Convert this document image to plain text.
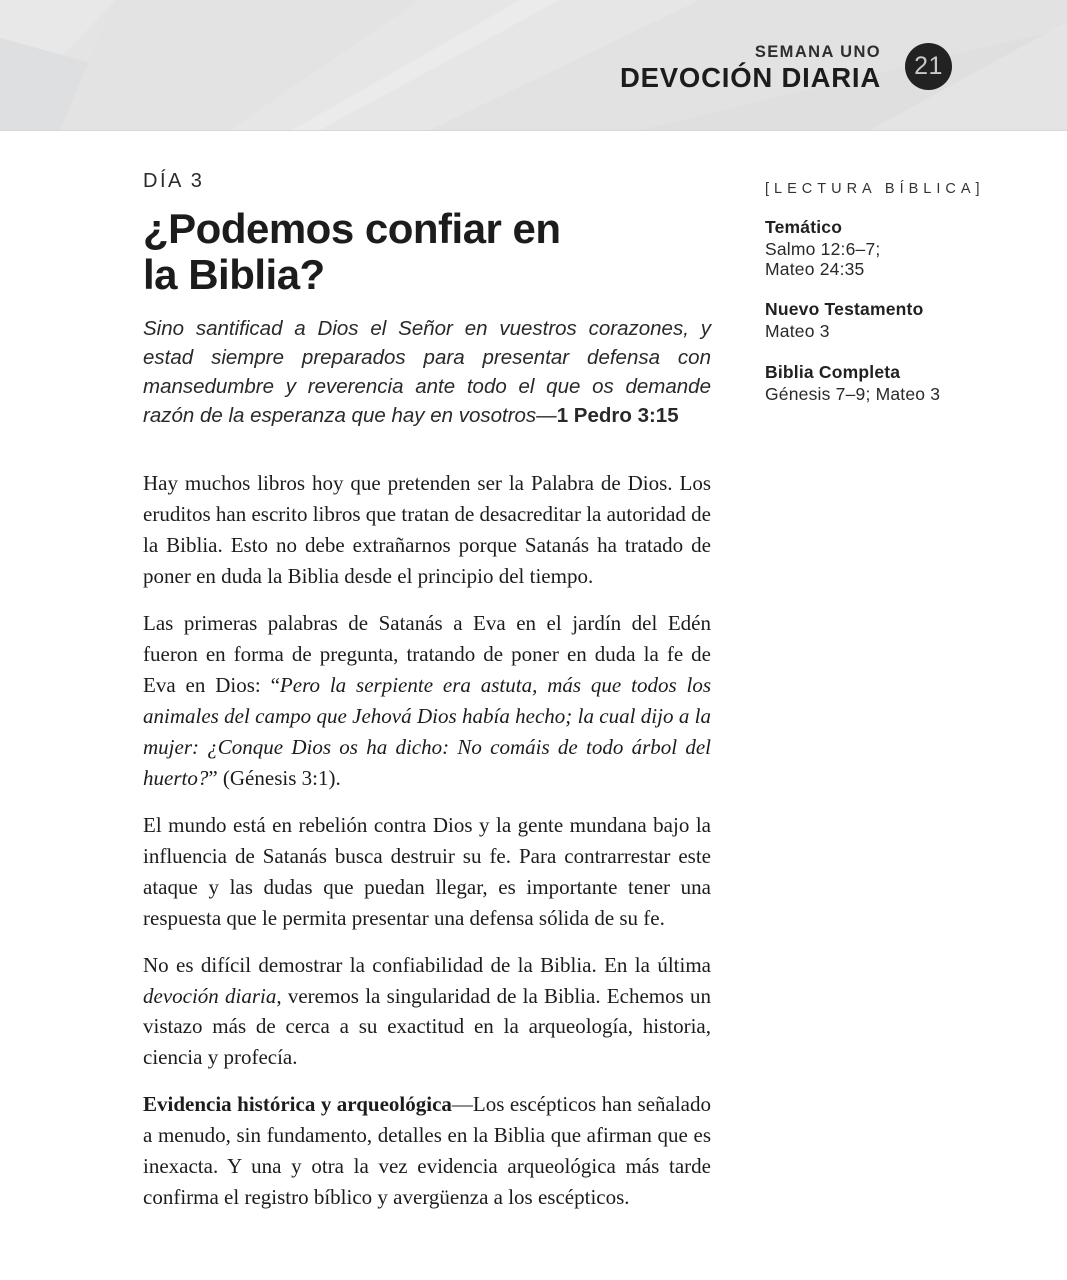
SEMANA UNO
DEVOCIÓN DIARIA 21
DÍA 3
¿Podemos confiar en
la Biblia?

Sino santificad a Dios el Señor en vuestros corazones, y estad siempre preparados para presentar defensa con mansedumbre y reverencia ante todo el que os demande razón de la esperanza que hay en vosotros—1 Pedro 3:15

Hay muchos libros hoy que pretenden ser la Palabra de Dios. Los eruditos han escrito libros que tratan de desacreditar la autoridad de la Biblia. Esto no debe extrañarnos porque Satanás ha tratado de poner en duda la Biblia desde el principio del tiempo.

Las primeras palabras de Satanás a Eva en el jardín del Edén fueron en forma de pregunta, tratando de poner en duda la fe de Eva en Dios: “Pero la serpiente era astuta, más que todos los animales del campo que Jehová Dios había hecho; la cual dijo a la mujer: ¿Conque Dios os ha dicho: No comáis de todo árbol del huerto?” (Génesis 3:1).

El mundo está en rebelión contra Dios y la gente mundana bajo la influencia de Satanás busca destruir su fe. Para contrarrestar este ataque y las dudas que puedan llegar, es importante tener una respuesta que le permita presentar una defensa sólida de su fe.

No es difícil demostrar la confiabilidad de la Biblia. En la última devoción diaria, veremos la singularidad de la Biblia. Echemos un vistazo más de cerca a su exactitud en la arqueología, historia, ciencia y profecía.

Evidencia histórica y arqueológica—Los escépticos han señalado a menudo, sin fundamento, detalles en la Biblia que afirman que es inexacta. Y una y otra la vez evidencia arqueológica más tarde confirma el registro bíblico y avergüenza a los escépticos.

[LECTURA BÍBLICA]
Temático
Salmo 12:6–7;
Mateo 24:35
Nuevo Testamento
Mateo 3
Biblia Completa
Génesis 7–9; Mateo 3
